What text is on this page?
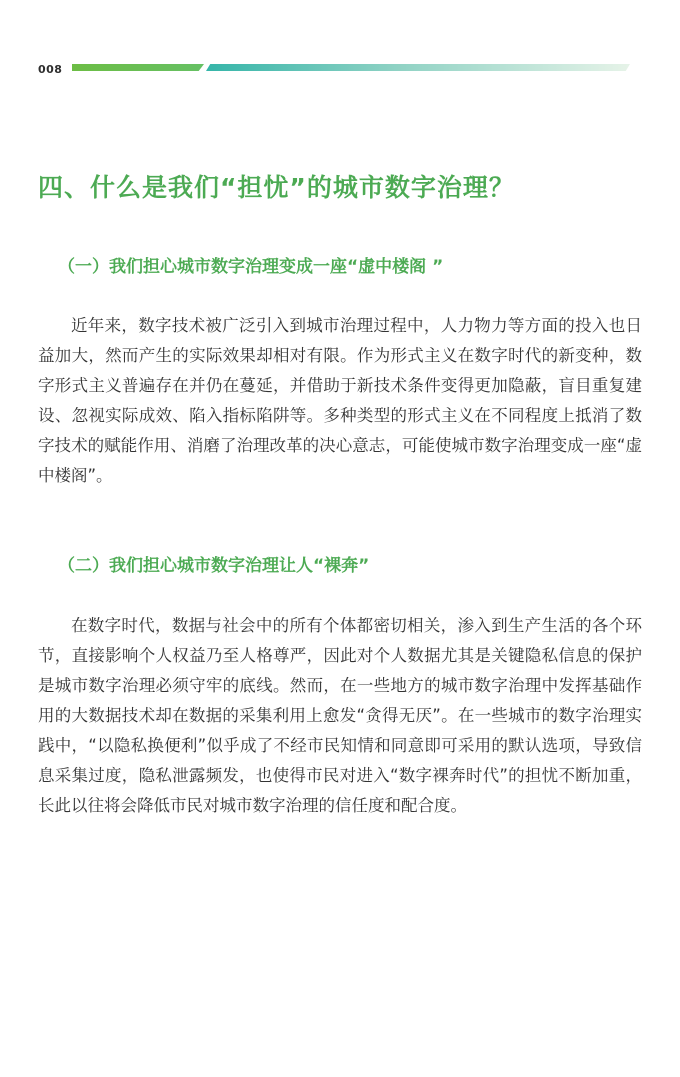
008
四、什么是我们“担忧”的城市数字治理？
（一）我们担心城市数字治理变成一座“虚中楼阁 ”

近年来，数字技术被广泛引入到城市治理过程中，人力物力等方面的投入也日益加大，然而产生的实际效果却相对有限。作为形式主义在数字时代的新变种，数字形式主义普遍存在并仍在蔓延，并借助于新技术条件变得更加隐蔽，盲目重复建设、忽视实际成效、陷入指标陷阱等。多种类型的形式主义在不同程度上抵消了数字技术的赋能作用、消磨了治理改革的决心意志，可能使城市数字治理变成一座“虚中楼阁”。

（二）我们担心城市数字治理让人“裸奔”

在数字时代，数据与社会中的所有个体都密切相关，渗入到生产生活的各个环节，直接影响个人权益乃至人格尊严，因此对个人数据尤其是关键隐私信息的保护是城市数字治理必须守牢的底线。然而，在一些地方的城市数字治理中发挥基础作用的大数据技术却在数据的采集利用上愈发“贪得无厌”。在一些城市的数字治理实践中，“以隐私换便利”似乎成了不经市民知情和同意即可采用的默认选项，导致信息采集过度，隐私泄露频发，也使得市民对进入“数字裸奔时代”的担忧不断加重，长此以往将会降低市民对城市数字治理的信任度和配合度。
